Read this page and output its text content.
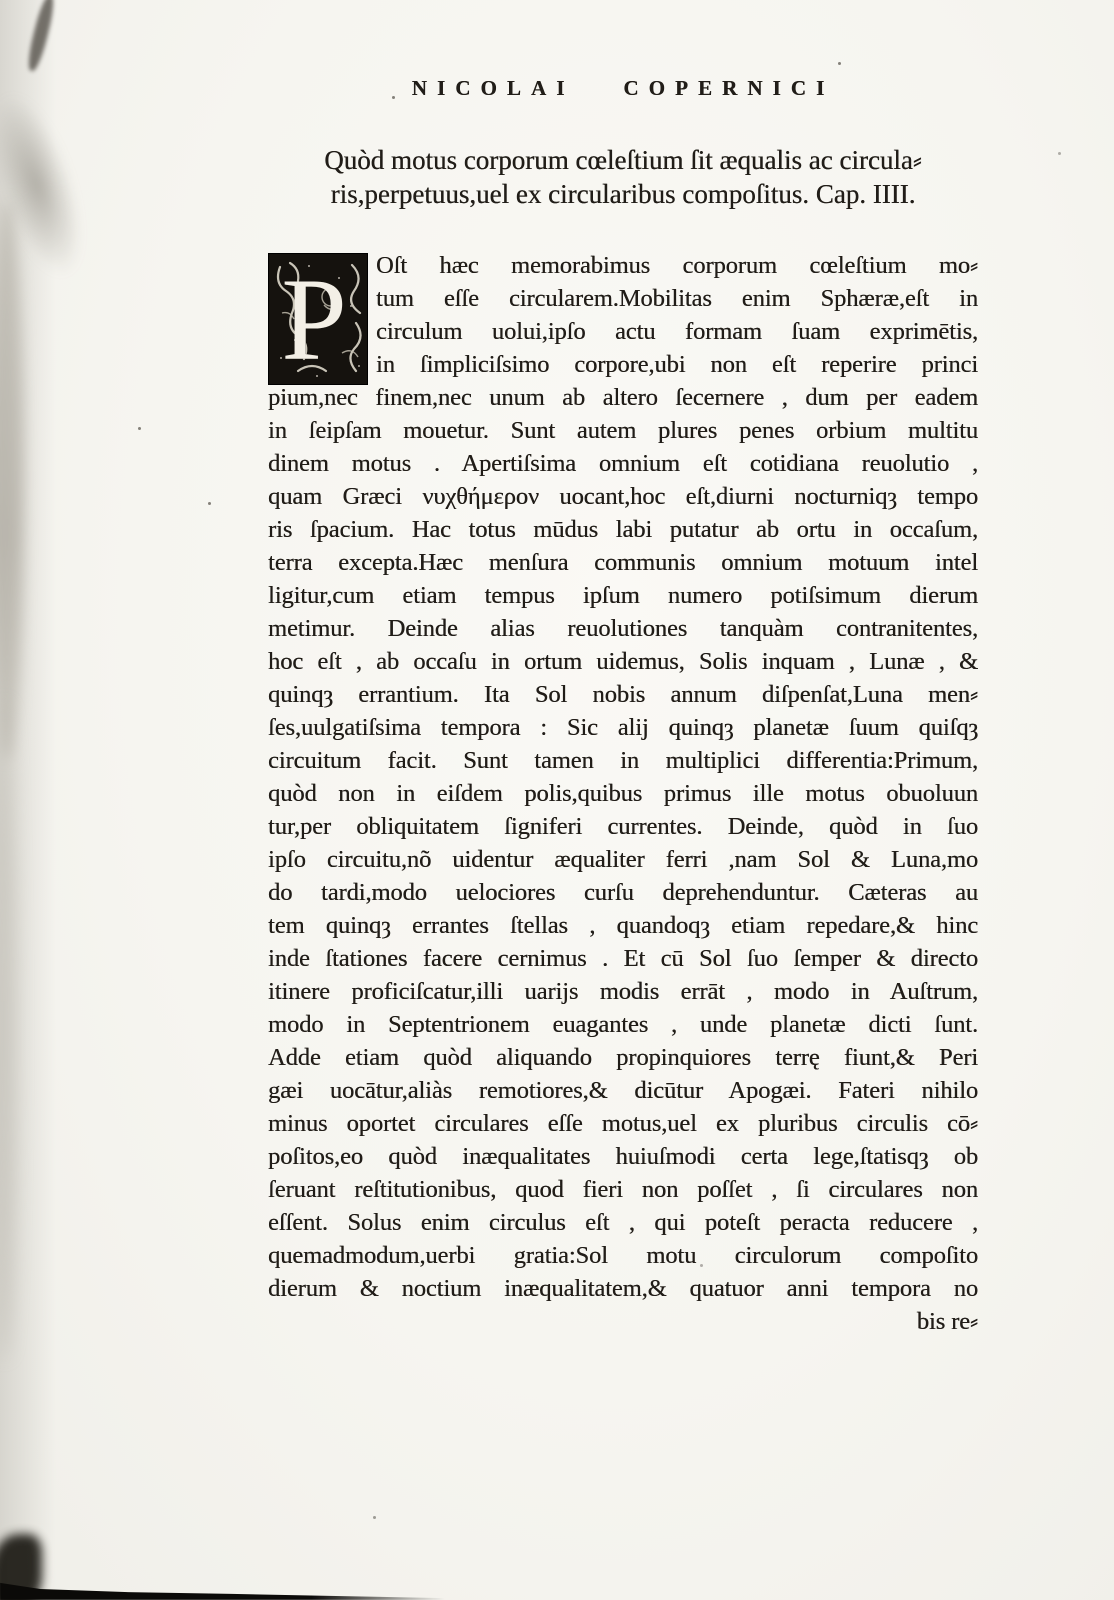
NICOLAI COPERNICI
Quòd motus corporum cœleſtium ſit æqualis ac circula⸗
ris,perpetuus,uel ex circularibus compoſitus. Cap. IIII.
P Oſt hæc memorabimus corporum cœleſtium mo⸗
tum eſſe circularem.Mobilitas enim Sphæræ,eſt in
circulum uolui,ipſo actu formam ſuam exprimētis,
in ſimpliciſsimo corpore,ubi non eſt reperire princi
pium,nec finem,nec unum ab altero ſecernere , dum per eadem
in ſeipſam mouetur. Sunt autem plures penes orbium multitu
dinem motus . Apertiſsima omnium eſt cotidiana reuolutio ,
quam Græci νυχθήμερον uocant,hoc eſt,diurni nocturniqȝ tempo
ris ſpacium. Hac totus mūdus labi putatur ab ortu in occaſum,
terra excepta.Hæc menſura communis omnium motuum intel
ligitur,cum etiam tempus ipſum numero potiſsimum dierum
metimur. Deinde alias reuolutiones tanquàm contranitentes,
hoc eſt , ab occaſu in ortum uidemus, Solis inquam , Lunæ , &
quinqȝ errantium. Ita Sol nobis annum diſpenſat,Luna men⸗
ſes,uulgatiſsima tempora : Sic alij quinqȝ planetæ ſuum quiſqȝ
circuitum facit. Sunt tamen in multiplici differentia:Primum,
quòd non in eiſdem polis,quibus primus ille motus obuoluun
tur,per obliquitatem ſigniferi currentes. Deinde, quòd in ſuo
ipſo circuitu,nõ uidentur æqualiter ferri ,nam Sol & Luna,mo
do tardi,modo uelociores curſu deprehenduntur. Cæteras au
tem quinqȝ errantes ſtellas , quandoqȝ etiam repedare,& hinc
inde ſtationes facere cernimus . Et cū Sol ſuo ſemper & directo
itinere proficiſcatur,illi uarijs modis errāt , modo in Auſtrum,
modo in Septentrionem euagantes , unde planetæ dicti ſunt.
Adde etiam quòd aliquando propinquiores terrę fiunt,& Peri
gæi uocātur,aliàs remotiores,& dicūtur Apogæi. Fateri nihilo
minus oportet circulares eſſe motus,uel ex pluribus circulis cō⸗
poſitos,eo quòd inæqualitates huiuſmodi certa lege,ſtatisqȝ ob
ſeruant reſtitutionibus, quod fieri non poſſet , ſi circulares non
eſſent. Solus enim circulus eſt , qui poteſt peracta reducere ,
quemadmodum,uerbi gratia:Sol motu circulorum compoſito
dierum & noctium inæqualitatem,& quatuor anni tempora no
bis re⸗
